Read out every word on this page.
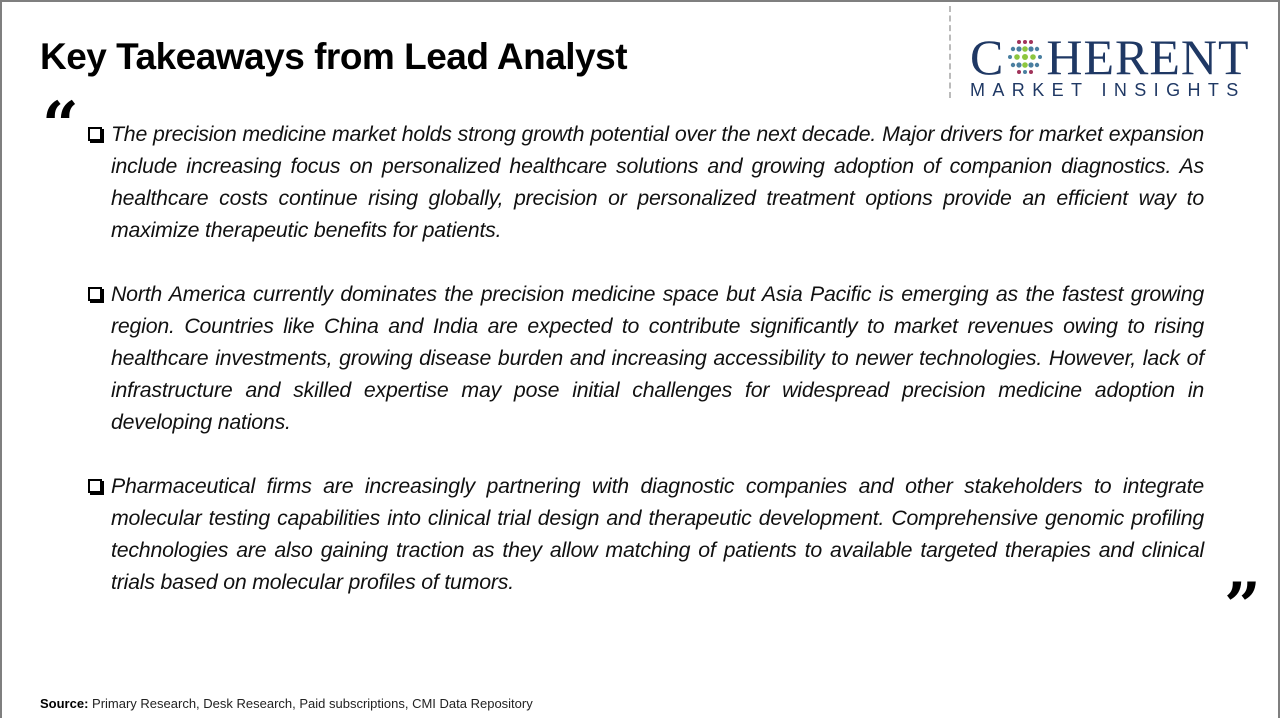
Key Takeaways from Lead Analyst	C HERENT
MARKET INSIGHTS
“
”
The precision medicine market holds strong growth potential over the next decade. Major drivers for market expansion include increasing focus on personalized healthcare solutions and growing adoption of companion diagnostics. As healthcare costs continue rising globally, precision or personalized treatment options provide an efficient way to maximize therapeutic benefits for patients.
North America currently dominates the precision medicine space but Asia Pacific is emerging as the fastest growing region. Countries like China and India are expected to contribute significantly to market revenues owing to rising healthcare investments, growing disease burden and increasing accessibility to newer technologies. However, lack of infrastructure and skilled expertise may pose initial challenges for widespread precision medicine adoption in developing nations.
Pharmaceutical firms are increasingly partnering with diagnostic companies and other stakeholders to integrate molecular testing capabilities into clinical trial design and therapeutic development. Comprehensive genomic profiling technologies are also gaining traction as they allow matching of patients to available targeted therapies and clinical trials based on molecular profiles of tumors.
Source: Primary Research, Desk Research, Paid subscriptions, CMI Data Repository
